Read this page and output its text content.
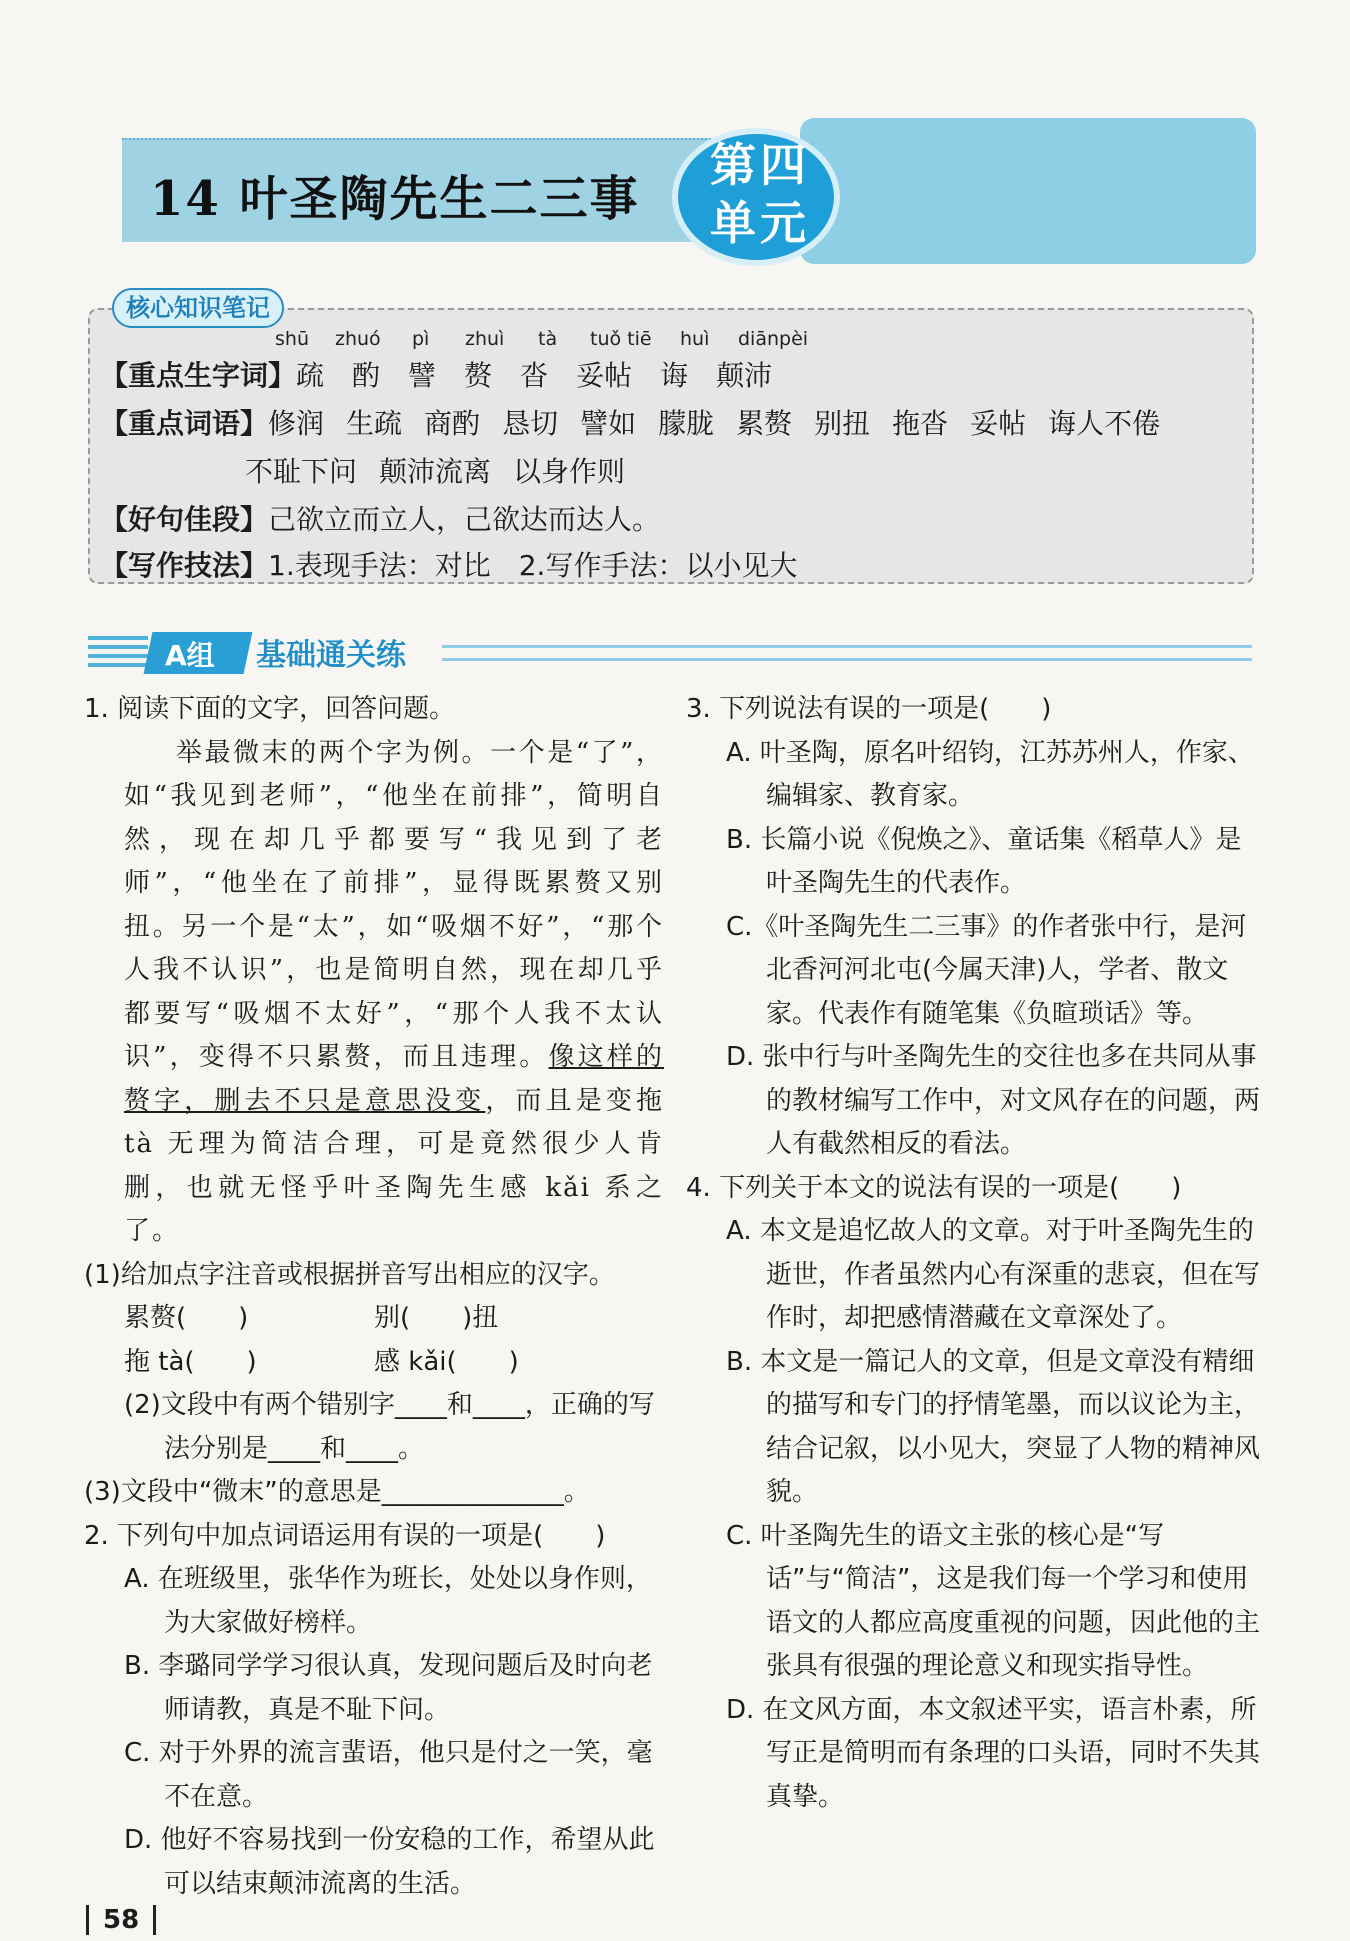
14 叶圣陶先生二三事
第四单元
核心知识笔记
shū zhuó pì zhuì tà tuǒ tiē huì diānpèi
【重点生字词】疏 酌 譬 赘 沓 妥帖 诲 颠沛
【重点词语】修润 生疏 商酌 恳切 譬如 朦胧 累赘 别扭 拖沓 妥帖 诲人不倦
不耻下问 颠沛流离 以身作则
【好句佳段】己欲立而立人，己欲达而达人。
【写作技法】1.表现手法：对比　2.写作手法：以小见大
A组 基础通关练

1. 阅读下面的文字，回答问题。

举最微末的两个字为例。一个是“了”，如“我见到老师”，“他坐在前排”，简明自然，现在却几乎都要写“我见到了老师”，“他坐在了前排”，显得既累赘又别扭。另一个是“太”，如“吸烟不好”，“那个人我不认识”，也是简明自然，现在却几乎都要写“吸烟不太好”，“那个人我不太认识”，变得不只累赘，而且违理。像这样的赘字，删去不只是意思没变，而且是变拖 tà 无理为简洁合理，可是竟然很少人肯删，也就无怪乎叶圣陶先生感 kǎi 系之了。

(1)给加点字注音或根据拼音写出相应的汉字。

累赘(　　)	别(　　)扭
拖 tà(　　)	感 kǎi(　　)

(2)文段中有两个错别字____和____，正确的写法分别是____和____。

(3)文段中“微末”的意思是______________。

2. 下列句中加点词语运用有误的一项是(　　)

A. 在班级里，张华作为班长，处处以身作则，为大家做好榜样。

B. 李璐同学学习很认真，发现问题后及时向老师请教，真是不耻下问。

C. 对于外界的流言蜚语，他只是付之一笑，毫不在意。

D. 他好不容易找到一份安稳的工作，希望从此可以结束颠沛流离的生活。

3. 下列说法有误的一项是(　　)

A. 叶圣陶，原名叶绍钧，江苏苏州人，作家、编辑家、教育家。

B. 长篇小说《倪焕之》、童话集《稻草人》是叶圣陶先生的代表作。

C.《叶圣陶先生二三事》的作者张中行，是河北香河河北屯(今属天津)人，学者、散文家。代表作有随笔集《负暄琐话》等。

D. 张中行与叶圣陶先生的交往也多在共同从事的教材编写工作中，对文风存在的问题，两人有截然相反的看法。

4. 下列关于本文的说法有误的一项是(　　)

A. 本文是追忆故人的文章。对于叶圣陶先生的逝世，作者虽然内心有深重的悲哀，但在写作时，却把感情潜藏在文章深处了。

B. 本文是一篇记人的文章，但是文章没有精细的描写和专门的抒情笔墨，而以议论为主，结合记叙，以小见大，突显了人物的精神风貌。

C. 叶圣陶先生的语文主张的核心是“写话”与“简洁”，这是我们每一个学习和使用语文的人都应高度重视的问题，因此他的主张具有很强的理论意义和现实指导性。

D. 在文风方面，本文叙述平实，语言朴素，所写正是简明而有条理的口头语，同时不失其真挚。

58
